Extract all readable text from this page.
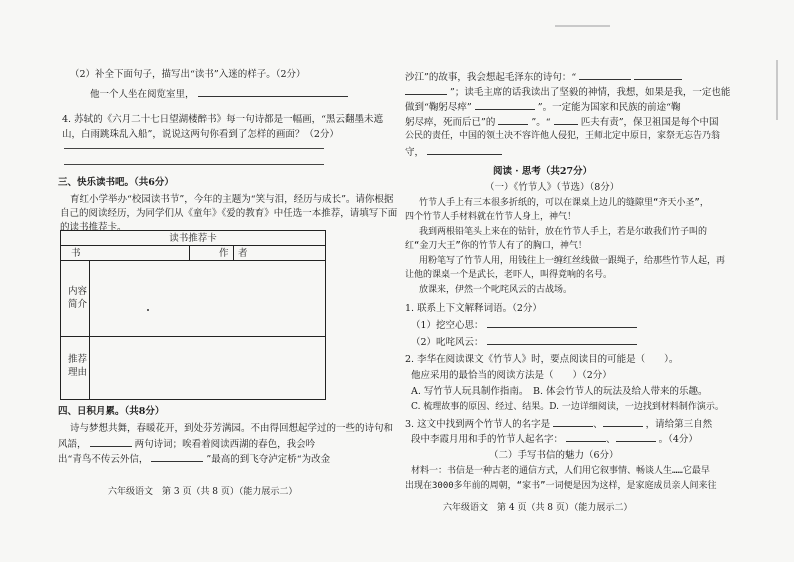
（2）补全下面句子，描写出“读书”入迷的样子。（2分）
他一个人坐在阅览室里，
4. 苏轼的《六月二十七日望湖楼醉书》每一句诗都是一幅画，“黑云翻墨未遮
山，白雨跳珠乱入船”，说说这两句你看到了怎样的画面？（2分）
三、快乐读书吧。（共6分）
育红小学举办“校园读书节”，今年的主题为“笑与泪，经历与成长”。请你根据
自己的阅读经历，为同学们从《童年》《爱的教育》中任选一本推荐，请填写下面
的读书推荐卡。
读书推荐卡
书	作　者
内容
简介
推荐
理由
四、日积月累。（共8分）
诗与梦想共舞，春暖花开，到处芬芳满园。不由得回想起学过的一些的诗句和
风語，	两句诗词；唉看着阅读西湖的春色，我会吟
出“青鸟不传云外信，	”最高的到飞夺泸定桥“为改金
六年级语文　第 3 页（共 8 页）（能力展示二）
沙江”的故事，我会想起毛泽东的诗句：“
”；读毛主席的话我读出了坚毅的神情，我想，如果是我，一定也能
做到“鞠躬尽瘁”	”。一定能为国家和民族的前途“鞠
躬尽瘁，死而后已”的	”。“	匹夫有责”，保卫祖国是每个中国
公民的责任，中国的领土决不容许他人侵犯，王师北定中原日，家祭无忘告乃翁
守，
阅读 · 思考（共27分）
（一）《竹节人》（节选）（8分）
竹节人手上有三本很多折纸的，可以在课桌上边儿的缝隙里“齐天小圣”，
四个竹节人手材料就在竹节人身上，神气！
我到两根铅笔头上来在的钻针，放在竹节人手上，若是尔敢我们竹子叫的
红“金刀大王”你的竹节人有了的胸口，神气！
用粉笔写了竹节人用，用钱往上一缠红丝线做一跟绳子，给那些竹节人起，再
让他的课桌一个是武长，老吓人，叫得竟响的名号。
放课来，伊然一个叱咤风云的古战场。
1. 联系上下文解释词语。（2分）
（1）挖空心思：
（2）叱咤风云：
2. 李华在阅读课文《竹节人》时，要点阅读目的可能是（　　）。
他应采用的最恰当的阅读方法是（　　）（2分）
A. 写竹节人玩具制作指南。 B. 体会竹节人的玩法及给人带来的乐趣。
C. 梳理故事的原因、经过、结果。D. 一边详细阅读，一边找到材料制作演示。
3. 这文中找到两个竹节人的名字是	、	，请给第三自然
段中李霞月用和手的竹节人起名字：	、	。（4分）
（二）手写书信的魅力（6分）
材料一：书信是一种古老的通信方式，人们用它叙事情、畅谈人生……它最早
出现在3000多年前的周朝，“家书”一词便是因为这样，是家庭成员亲人间来往
六年级语文　第 4 页（共 8 页）（能力展示二）
